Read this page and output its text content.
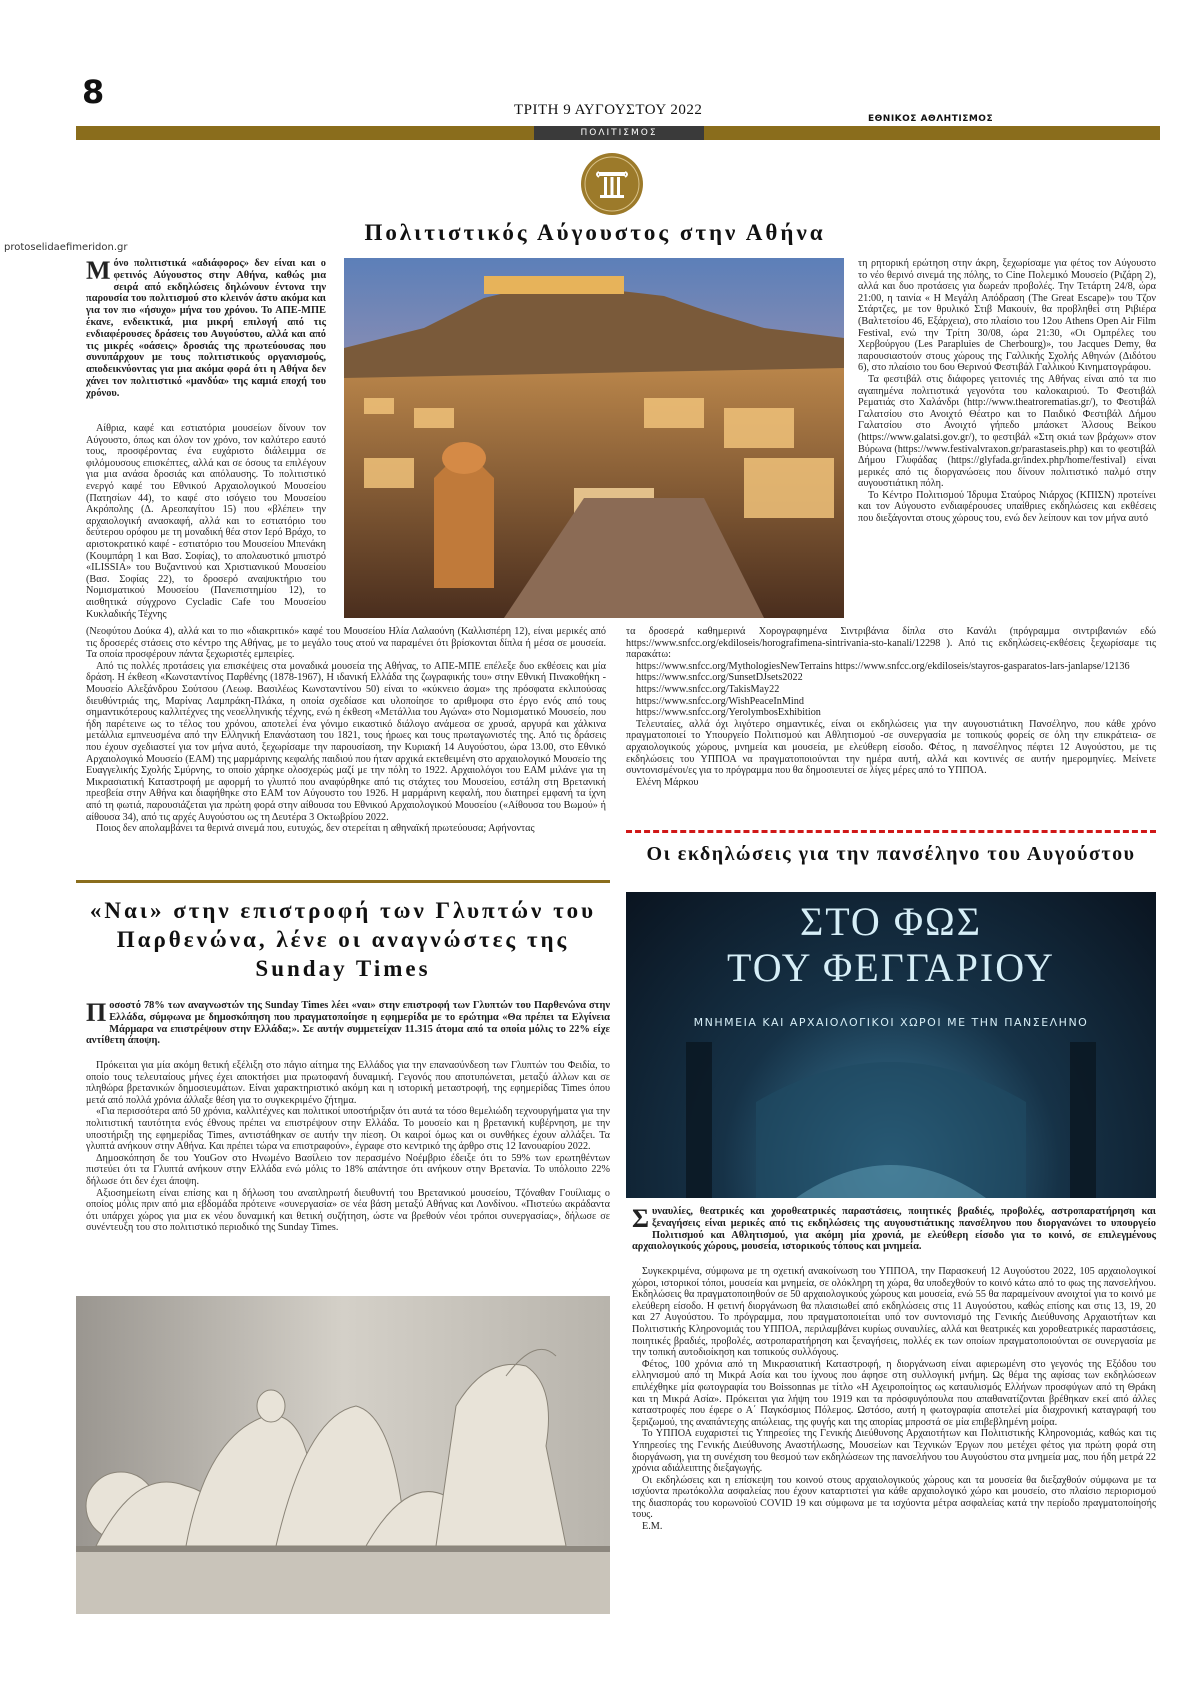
8	ΤΡΙΤΗ 9 ΑΥΓΟΥΣΤΟΥ 2022
ΕΘΝΙΚΟΣ ΑΘΛΗΤΙΣΜΟΣ
ΠΟΛΙΤΙΣΜΟΣ
protoselidaefimeridon.gr
Πολιτιστικός Αύγουστος στην Αθήνα
Μόνο πολιτιστικά «αδιάφορος» δεν είναι και ο φετινός Αύγουστος στην Αθήνα, καθώς μια σειρά από εκδηλώσεις δηλώνουν έντονα την παρουσία του πολιτισμού στο κλεινόν άστυ ακόμα και για τον πιο «ήσυχο» μήνα του χρόνου. Το ΑΠΕ-ΜΠΕ έκανε, ενδεικτικά, μια μικρή επιλογή από τις ενδιαφέρουσες δράσεις του Αυγούστου, αλλά και από τις μικρές «οάσεις» δροσιάς της πρωτεύουσας που συνυπάρχουν με τους πολιτιστικούς οργανισμούς, αποδεικνύοντας για μια ακόμα φορά ότι η Αθήνα δεν χάνει τον πολιτιστικό «μανδύα» της καμιά εποχή του χρόνου.

Αίθρια, καφέ και εστιατόρια μουσείων δίνουν τον Αύγουστο, όπως και όλον τον χρόνο, τον καλύτερο εαυτό τους, προσφέροντας ένα ευχάριστο διάλειμμα σε φιλόμουσους επισκέπτες, αλλά και σε όσους τα επιλέγουν για μια ανάσα δροσιάς και απόλαυσης. Το πολιτιστικό ενεργό καφέ του Εθνικού Αρχαιολογικού Μουσείου (Πατησίων 44), το καφέ στο ισόγειο του Μουσείου Ακρόπολης (Δ. Αρεοπαγίτου 15) που «βλέπει» την αρχαιολογική ανασκαφή, αλλά και το εστιατόριο του δεύτερου ορόφου με τη μοναδική θέα στον Ιερό Βράχο, το αριστοκρατικό καφέ - εστιατόριο του Μουσείου Μπενάκη (Κουμπάρη 1 και Βασ. Σοφίας), το απολαυστικό μπιστρό «ILISSIA» του Βυζαντινού και Χριστιανικού Μουσείου (Βασ. Σοφίας 22), το δροσερό αναψυκτήριο του Νομισματικού Μουσείου (Πανεπιστημίου 12), το αισθητικά σύγχρονο Cycladic Cafe του Μουσείου Κυκλαδικής Τέχνης

τη ρητορική ερώτηση στην άκρη, ξεχωρίσαμε για φέτος τον Αύγουστο το νέο θερινό σινεμά της πόλης, το Cine Πολεμικό Μουσείο (Ριζάρη 2), αλλά και δυο προτάσεις για δωρεάν προβολές. Την Τετάρτη 24/8, ώρα 21:00, η ταινία « Η Μεγάλη Απόδραση (The Great Escape)» του Τζον Στάρτζες, με τον θρυλικό Στιβ Μακουίν, θα προβληθεί στη Ριβιέρα (Βαλτετσίου 46, Εξάρχεια), στο πλαίσιο του 12ου Athens Open Air Film Festival, ενώ την Τρίτη 30/08, ώρα 21:30, «Οι Ομπρέλες του Χερβούργου (Les Parapluies de Cherbourg)», του Jacques Demy, θα παρουσιαστούν στους χώρους της Γαλλικής Σχολής Αθηνών (Διδότου 6), στο πλαίσιο του 6ου Θερινού Φεστιβάλ Γαλλικού Κινηματογράφου.

Τα φεστιβάλ στις διάφορες γειτονιές της Αθήνας είναι από τα πιο αγαπημένα πολιτιστικά γεγονότα του καλοκαιριού. Το Φεστιβάλ Ρεματιάς στο Χαλάνδρι (http://www.theatrorematias.gr/), το Φεστιβάλ Γαλατσίου στο Ανοιχτό Θέατρο και το Παιδικό Φεστιβάλ Δήμου Γαλατσίου στο Ανοιχτό γήπεδο μπάσκετ Άλσους Βείκου (https://www.galatsi.gov.gr/), το φεστιβάλ «Στη σκιά των βράχων» στον Βύρωνα (https://www.festivalvraxon.gr/parastaseis.php) και το φεστιβάλ Δήμου Γλυφάδας (https://glyfada.gr/index.php/home/festival) είναι μερικές από τις διοργανώσεις που δίνουν πολιτιστικό παλμό στην αυγουστιάτικη πόλη.

Το Κέντρο Πολιτισμού Ίδρυμα Σταύρος Νιάρχος (ΚΠΙΣΝ) προτείνει και τον Αύγουστο ενδιαφέρουσες υπαίθριες εκδηλώσεις και εκθέσεις που διεξάγονται στους χώρους του, ενώ δεν λείπουν και τον μήνα αυτό

(Νεοφύτου Δούκα 4), αλλά και το πιο «διακριτικό» καφέ του Μουσείου Ηλία Λαλαούνη (Καλλισπέρη 12), είναι μερικές από τις δροσερές στάσεις στο κέντρο της Αθήνας, με το μεγάλο τους ατού να παραμένει ότι βρίσκονται δίπλα ή μέσα σε μουσεία. Τα οποία προσφέρουν πάντα ξεχωριστές εμπειρίες.

Από τις πολλές προτάσεις για επισκέψεις στα μοναδικά μουσεία της Αθήνας, το ΑΠΕ-ΜΠΕ επέλεξε δυο εκθέσεις και μία δράση. Η έκθεση «Κωνσταντίνος Παρθένης (1878-1967), Η ιδανική Ελλάδα της ζωγραφικής του» στην Εθνική Πινακοθήκη - Μουσείο Αλεξάνδρου Σούτσου (Λεωφ. Βασιλέως Κωνσταντίνου 50) είναι το «κύκνειο άσμα» της πρόσφατα εκλιπούσας διευθύντριάς της, Μαρίνας Λαμπράκη-Πλάκα, η οποία σχεδίασε και υλοποίησε το αριθμοφα στο έργο ενός από τους σημαντικότερους καλλιτέχνες της νεοελληνικής τέχνης, ενώ η έκθεση «Μετάλλια του Αγώνα» στο Νομισματικό Μουσείο, που ήδη παρέτεινε ως το τέλος του χρόνου, αποτελεί ένα γόνιμο εικαστικό διάλογο ανάμεσα σε χρυσά, αργυρά και χάλκινα μετάλλια εμπνευσμένα από την Ελληνική Επανάσταση του 1821, τους ήρωες και τους πρωταγωνιστές της. Από τις δράσεις που έχουν σχεδιαστεί για τον μήνα αυτό, ξεχωρίσαμε την παρουσίαση, την Κυριακή 14 Αυγούστου, ώρα 13.00, στο Εθνικό Αρχαιολογικό Μουσείο (ΕΑΜ) της μαρμάρινης κεφαλής παιδιού που ήταν αρχικά εκτεθειμένη στο αρχαιολογικό Μουσείο της Ευαγγελικής Σχολής Σμύρνης, το οποίο χάρηκε ολοσχερώς μαζί με την πόλη το 1922. Αρχαιολόγοι του ΕΑΜ μιλάνε για τη Μικρασιατική Καταστροφή με αφορμή το γλυπτό που αναφύρθηκε από τις στάχτες του Μουσείου, εστάλη στη Βρετανική πρεσβεία στην Αθήνα και διαφήθηκε στο ΕΑΜ τον Αύγουστο του 1926. Η μαρμάρινη κεφαλή, που διατηρεί εμφανή τα ίχνη από τη φωτιά, παρουσιάζεται για πρώτη φορά στην αίθουσα του Εθνικού Αρχαιολογικού Μουσείου («Αίθουσα του Βωμού» ή αίθουσα 34), από τις αρχές Αυγούστου ως τη Δευτέρα 3 Οκτωβρίου 2022.

Ποιος δεν απολαμβάνει τα θερινά σινεμά που, ευτυχώς, δεν στερείται η αθηναϊκή πρωτεύουσα; Αφήνοντας

τα δροσερά καθημερινά Χορογραφημένα Σιντριβάνια δίπλα στο Κανάλι (πρόγραμμα σιντριβανιών εδώ https://www.snfcc.org/ekdiloseis/horografimena-sintrivania-sto-kanali/12298 ). Από τις εκδηλώσεις-εκθέσεις ξεχωρίσαμε τις παρακάτω:

https://www.snfcc.org/MythologiesNewTerrains https://www.snfcc.org/ekdiloseis/stayros-gasparatos-lars-janlapse/12136
https://www.snfcc.org/SunsetDJsets2022
https://www.snfcc.org/TakisMay22
https://www.snfcc.org/WishPeaceInMind
https://www.snfcc.org/YerolymbosExhibition

Τελευταίες, αλλά όχι λιγότερο σημαντικές, είναι οι εκδηλώσεις για την αυγουστιάτικη Πανσέληνο, που κάθε χρόνο πραγματοποιεί το Υπουργείο Πολιτισμού και Αθλητισμού -σε συνεργασία με τοπικούς φορείς σε όλη την επικράτεια- σε αρχαιολογικούς χώρους, μνημεία και μουσεία, με ελεύθερη είσοδο. Φέτος, η πανσέληνος πέφτει 12 Αυγούστου, με τις εκδηλώσεις του ΥΠΠΟΑ να πραγματοποιούνται την ημέρα αυτή, αλλά και κοντινές σε αυτήν ημερομηνίες. Μείνετε συντονισμένοι/ες για το πρόγραμμα που θα δημοσιευτεί σε λίγες μέρες από το ΥΠΠΟΑ.

Ελένη Μάρκου

Οι εκδηλώσεις για την πανσέληνο του Αυγούστου
«Ναι» στην επιστροφή των Γλυπτών του
Παρθενώνα, λένε οι αναγνώστες της
Sunday Times
Ποσοστό 78% των αναγνωστών της Sunday Times λέει «ναι» στην επιστροφή των Γλυπτών του Παρθενώνα στην Ελλάδα, σύμφωνα με δημοσκόπηση που πραγματοποίησε η εφημερίδα με το ερώτημα «Θα πρέπει τα Ελγίνεια Μάρμαρα να επιστρέψουν στην Ελλάδα;». Σε αυτήν συμμετείχαν 11.315 άτομα από τα οποία μόλις το 22% είχε αντίθετη άποψη.

Πρόκειται για μία ακόμη θετική εξέλιξη στο πάγιο αίτημα της Ελλάδος για την επανασύνδεση των Γλυπτών του Φειδία, το οποίο τους τελευταίους μήνες έχει αποκτήσει μια πρωτοφανή δυναμική. Γεγονός που αποτυπώνεται, μεταξύ άλλων και σε πληθώρα βρετανικών δημοσιευμάτων. Είναι χαρακτηριστικό ακόμη και η ιστορική μεταστροφή, της εφημερίδας Times όπου μετά από πολλά χρόνια άλλαξε θέση για το συγκεκριμένο ζήτημα.

«Για περισσότερα από 50 χρόνια, καλλιτέχνες και πολιτικοί υποστήριξαν ότι αυτά τα τόσο θεμελιώδη τεχνουργήματα για την πολιτιστική ταυτότητα ενός έθνους πρέπει να επιστρέψουν στην Ελλάδα. Το μουσείο και η βρετανική κυβέρνηση, με την υποστήριξη της εφημερίδας Times, αντιστάθηκαν σε αυτήν την πίεση. Οι καιροί όμως και οι συνθήκες έχουν αλλάξει. Τα γλυπτά ανήκουν στην Αθήνα. Και πρέπει τώρα να επιστραφούν», έγραφε στο κεντρικό της άρθρο στις 12 Ιανουαρίου 2022.

Δημοσκόπηση δε του YouGov στο Ηνωμένο Βασίλειο τον περασμένο Νοέμβριο έδειξε ότι το 59% των ερωτηθέντων πιστεύει ότι τα Γλυπτά ανήκουν στην Ελλάδα ενώ μόλις το 18% απάντησε ότι ανήκουν στην Βρετανία. Το υπόλοιπο 22% δήλωσε ότι δεν έχει άποψη.

Αξιοσημείωτη είναι επίσης και η δήλωση του αναπληρωτή διευθυντή του Βρετανικού μουσείου, Τζόναθαν Γουίλιαμς ο οποίος μόλις πριν από μια εβδομάδα πρότεινε «συνεργασία» σε νέα βάση μεταξύ Αθήνας και Λονδίνου. «Πιστεύω ακράδαντα ότι υπάρχει χώρος για μια εκ νέου δυναμική και θετική συζήτηση, ώστε να βρεθούν νέοι τρόποι συνεργασίας», δήλωσε σε συνέντευξη του στο πολιτιστικό περιοδικό της Sunday Times.

ΣΤΟ ΦΩΣ
ΤΟΥ ΦΕΓΓΑΡΙΟΥ
ΜΝΗΜΕΙΑ ΚΑΙ ΑΡΧΑΙΟΛΟΓΙΚΟΙ ΧΩΡΟΙ ΜΕ ΤΗΝ ΠΑΝΣΕΛΗΝΟ
Συναυλίες, θεατρικές και χοροθεατρικές παραστάσεις, ποιητικές βραδιές, προβολές, αστροπαρατήρηση και ξεναγήσεις είναι μερικές από τις εκδηλώσεις της αυγουστιάτικης πανσέληνου που διοργανώνει το υπουργείο Πολιτισμού και Αθλητισμού, για ακόμη μία χρονιά, με ελεύθερη είσοδο για το κοινό, σε επιλεγμένους αρχαιολογικούς χώρους, μουσεία, ιστορικούς τόπους και μνημεία.

Συγκεκριμένα, σύμφωνα με τη σχετική ανακοίνωση του ΥΠΠΟΑ, την Παρασκευή 12 Αυγούστου 2022, 105 αρχαιολογικοί χώροι, ιστορικοί τόποι, μουσεία και μνημεία, σε ολόκληρη τη χώρα, θα υποδεχθούν το κοινό κάτω από το φως της πανσελήνου. Εκδηλώσεις θα πραγματοποιηθούν σε 50 αρχαιολογικούς χώρους και μουσεία, ενώ 55 θα παραμείνουν ανοιχτοί για το κοινό με ελεύθερη είσοδο. Η φετινή διοργάνωση θα πλαισιωθεί από εκδηλώσεις στις 11 Αυγούστου, καθώς επίσης και στις 13, 19, 20 και 27 Αυγούστου. Το πρόγραμμα, που πραγματοποιείται υπό τον συντονισμό της Γενικής Διεύθυνσης Αρχαιοτήτων και Πολιτιστικής Κληρονομιάς του ΥΠΠΟΑ, περιλαμβάνει κυρίως συναυλίες, αλλά και θεατρικές και χοροθεατρικές παραστάσεις, ποιητικές βραδιές, προβολές, αστροπαρατήρηση και ξεναγήσεις, πολλές εκ των οποίων πραγματοποιούνται σε συνεργασία με την τοπική αυτοδιοίκηση και τοπικούς συλλόγους.

Φέτος, 100 χρόνια από τη Μικρασιατική Καταστροφή, η διοργάνωση είναι αφιερωμένη στο γεγονός της Εξόδου του ελληνισμού από τη Μικρά Ασία και του ίχνους που άφησε στη συλλογική μνήμη. Ως θέμα της αφίσας των εκδηλώσεων επιλέχθηκε μία φωτογραφία του Boissonnas με τίτλο «Η Αχειροποίητος ως καταυλισμός Ελλήνων προσφύγων από τη Θράκη και τη Μικρά Ασία». Πρόκειται για λήψη του 1919 και τα πρόσφυγόπουλα που απαθανατίζονται βρέθηκαν εκεί από άλλες καταστροφές που έφερε ο Α΄ Παγκόσμιος Πόλεμος. Ωστόσο, αυτή η φωτογραφία αποτελεί μία διαχρονική καταγραφή του ξεριζωμού, της αναπάντεχης απώλειας, της φυγής και της απορίας μπροστά σε μία επιβεβλημένη μοίρα.

Το ΥΠΠΟΑ ευχαριστεί τις Υπηρεσίες της Γενικής Διεύθυνσης Αρχαιοτήτων και Πολιτιστικής Κληρονομιάς, καθώς και τις Υπηρεσίες της Γενικής Διεύθυνσης Αναστήλωσης, Μουσείων και Τεχνικών Έργων που μετέχει φέτος για πρώτη φορά στη διοργάνωση, για τη συνέχιση του θεσμού των εκδηλώσεων της πανσελήνου του Αυγούστου στα μνημεία μας, που ήδη μετρά 22 χρόνια αδιάλειπτης διεξαγωγής.

Οι εκδηλώσεις και η επίσκεψη του κοινού στους αρχαιολογικούς χώρους και τα μουσεία θα διεξαχθούν σύμφωνα με τα ισχύοντα πρωτόκολλα ασφαλείας που έχουν καταρτιστεί για κάθε αρχαιολογικό χώρο και μουσείο, στο πλαίσιο περιορισμού της διασποράς του κορωνοϊού COVID 19 και σύμφωνα με τα ισχύοντα μέτρα ασφαλείας κατά την περίοδο πραγματοποίησής τους.

Ε.Μ.
